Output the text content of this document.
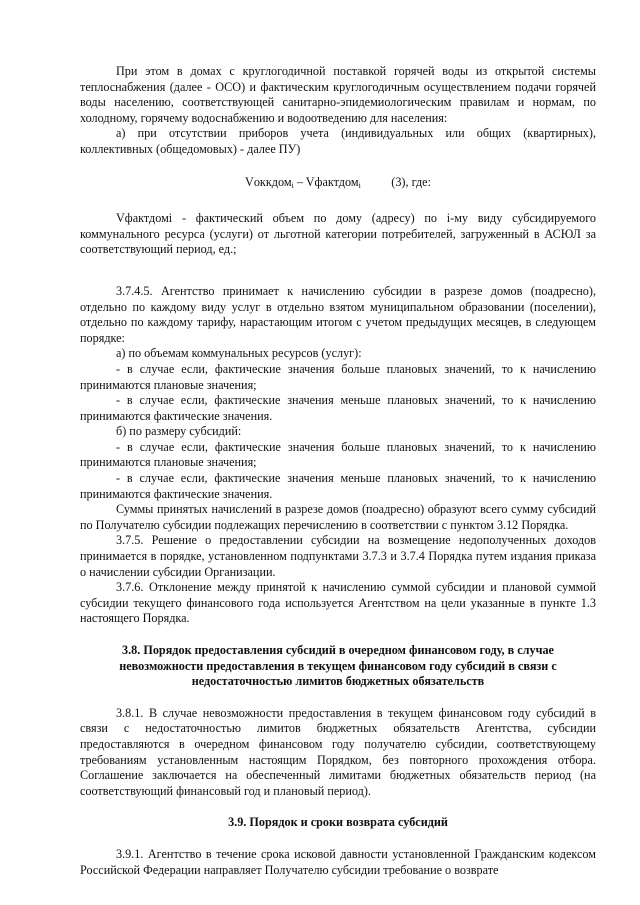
При этом в домах с круглогодичной поставкой горячей воды из открытой системы теплоснабжения (далее - ОСО) и фактическим круглогодичным осуществлением подачи горячей воды населению, соответствующей санитарно-эпидемиологическим правилам и нормам, по холодному, горячему водоснабжению и водоотведению для населения:

а) при отсутствии приборов учета (индивидуальных или общих (квартирных), коллективных (общедомовых) - далее ПУ)

Vоккдом$_i$ – Vфактдом$_i$          (3), где:

Vфактдомi - фактический объем по дому (адресу) по i-му виду субсидируемого коммунального ресурса (услуги) от льготной категории потребителей, загруженный в АСЮЛ за соответствующий период, ед.;

3.7.4.5. Агентство принимает к начислению субсидии в разрезе домов (поадресно), отдельно по каждому виду услуг в отдельно взятом муниципальном образовании (поселении), отдельно по каждому тарифу, нарастающим итогом с учетом предыдущих месяцев, в следующем порядке:

а) по объемам коммунальных ресурсов (услуг):

- в случае если, фактические значения больше плановых значений, то к начислению принимаются плановые значения;

- в случае если, фактические значения меньше плановых значений, то к начислению принимаются фактические значения.

б) по размеру субсидий:

- в случае если, фактические значения больше плановых значений, то к начислению принимаются плановые значения;

- в случае если, фактические значения меньше плановых значений, то к начислению принимаются фактические значения.

Суммы принятых начислений в разрезе домов (поадресно) образуют всего сумму субсидий по Получателю субсидии подлежащих перечислению в соответствии с пунктом 3.12 Порядка.

3.7.5. Решение о предоставлении субсидии на возмещение недополученных доходов принимается в порядке, установленном подпунктами 3.7.3 и 3.7.4 Порядка путем издания приказа о начислении субсидии Организации.

3.7.6. Отклонение между принятой к начислению суммой субсидии и плановой суммой субсидии текущего финансового года используется Агентством на цели указанные в пункте 1.3 настоящего Порядка.

3.8. Порядок предоставления субсидий в очередном финансовом году, в случае невозможности предоставления в текущем финансовом году субсидий в связи с недостаточностью лимитов бюджетных обязательств

3.8.1. В случае невозможности предоставления в текущем финансовом году субсидий в связи с недостаточностью лимитов бюджетных обязательств Агентства, субсидии предоставляются в очередном финансовом году получателю субсидии, соответствующему требованиям установленным настоящим Порядком, без повторного прохождения отбора. Соглашение заключается на обеспеченный лимитами бюджетных обязательств период (на соответствующий финансовый год и плановый период).

3.9. Порядок и сроки возврата субсидий

3.9.1. Агентство в течение срока исковой давности установленной Гражданским кодексом Российской Федерации направляет Получателю субсидии требование о возврате
